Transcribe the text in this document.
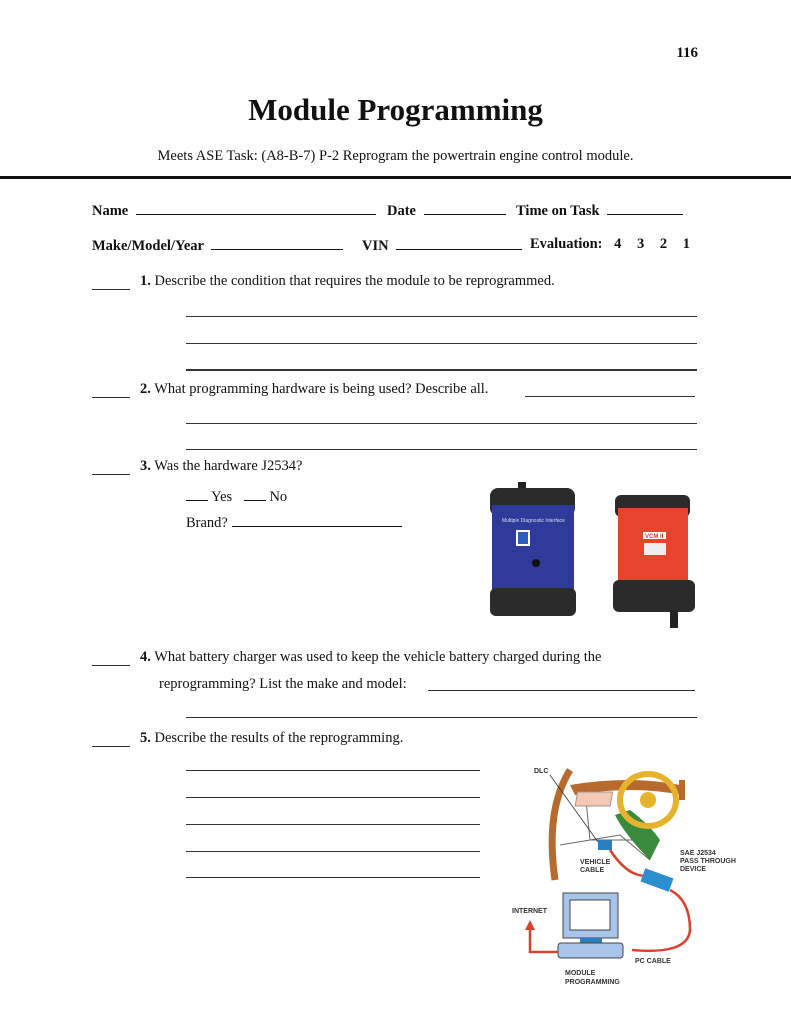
116
Module Programming
Meets ASE Task: (A8-B-7) P-2 Reprogram the powertrain engine control module.
Name	Date	Time on Task
Make/Model/Year	VIN	Evaluation: 4 3 2 1
1. Describe the condition that requires the module to be reprogrammed.
2. What programming hardware is being used? Describe all.
3. Was the hardware J2534?
Yes	No
Brand?	Multiple Diagnostic Interface
VCM II
4. What battery charger was used to keep the vehicle battery charged during the
reprogramming? List the make and model:
5. Describe the results of the reprogramming.
DLC
VEHICLE
CABLE
SAE J2534
PASS THROUGH
DEVICE
INTERNET
PC CABLE
MODULE
PROGRAMMING
